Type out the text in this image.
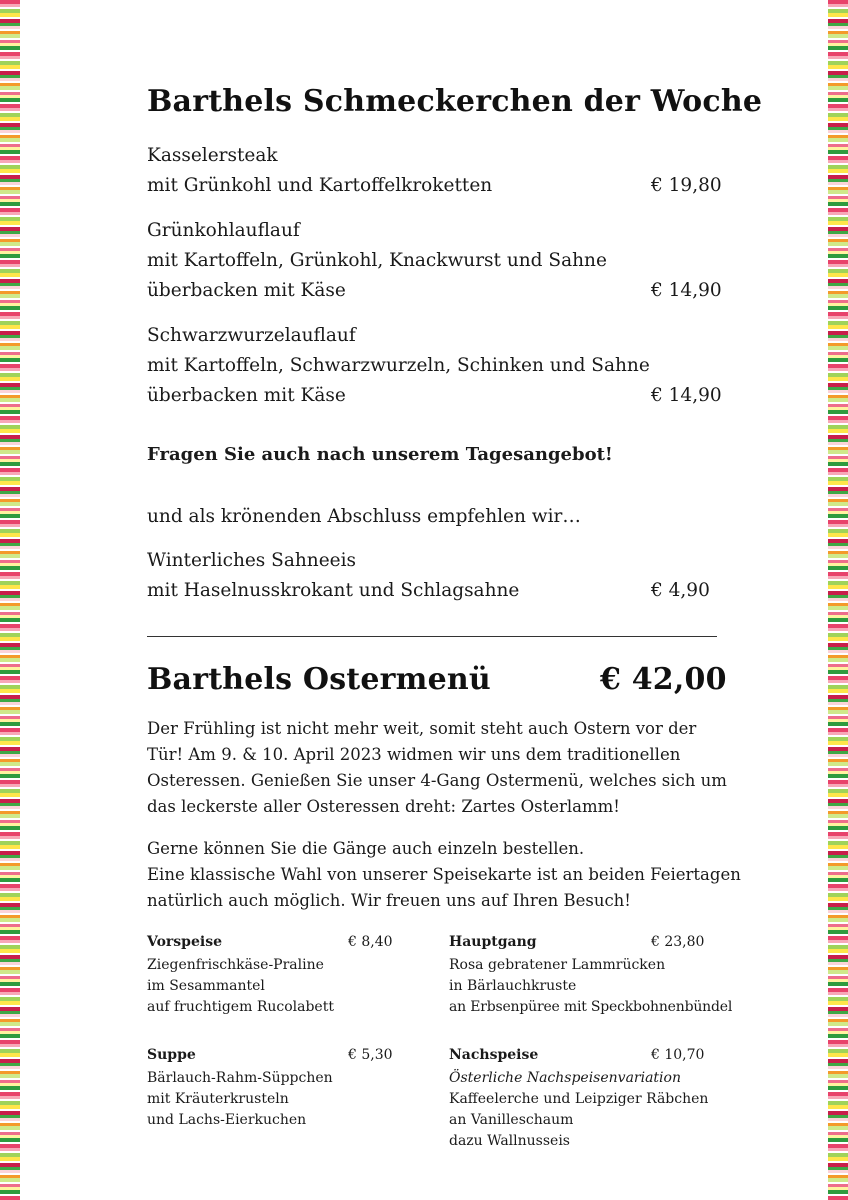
Barthels Schmeckerchen der Woche
Kasselersteak
mit Grünkohl und Kartoffelkroketten	€ 19,80
Grünkohlauflauf
mit Kartoffeln, Grünkohl, Knackwurst und Sahne
überbacken mit Käse	€ 14,90
Schwarzwurzelauflauf
mit Kartoffeln, Schwarzwurzeln, Schinken und Sahne
überbacken mit Käse	€ 14,90
Fragen Sie auch nach unserem Tagesangebot!
und als krönenden Abschluss empfehlen wir…
Winterliches Sahneeis
mit Haselnusskrokant und Schlagsahne	€ 4,90
Barthels Ostermenü	€ 42,00
Der Frühling ist nicht mehr weit, somit steht auch Ostern vor der
Tür! Am 9. & 10. April 2023 widmen wir uns dem traditionellen
Osteressen. Genießen Sie unser 4-Gang Ostermenü, welches sich um
das leckerste aller Osteressen dreht: Zartes Osterlamm!
Gerne können Sie die Gänge auch einzeln bestellen.
Eine klassische Wahl von unserer Speisekarte ist an beiden Feiertagen
natürlich auch möglich. Wir freuen uns auf Ihren Besuch!
Vorspeise	€ 8,40
Ziegenfrischkäse-Praline
im Sesammantel
auf fruchtigem Rucolabett
Hauptgang	€ 23,80
Rosa gebratener Lammrücken
in Bärlauchkruste
an Erbsenpüree mit Speckbohnenbündel
Suppe	€ 5,30
Bärlauch-Rahm-Süppchen
mit Kräuterkrusteln
und Lachs-Eierkuchen
Nachspeise	€ 10,70
Österliche Nachspeisenvariation
Kaffeelerche und Leipziger Räbchen
an Vanilleschaum
dazu Wallnusseis
